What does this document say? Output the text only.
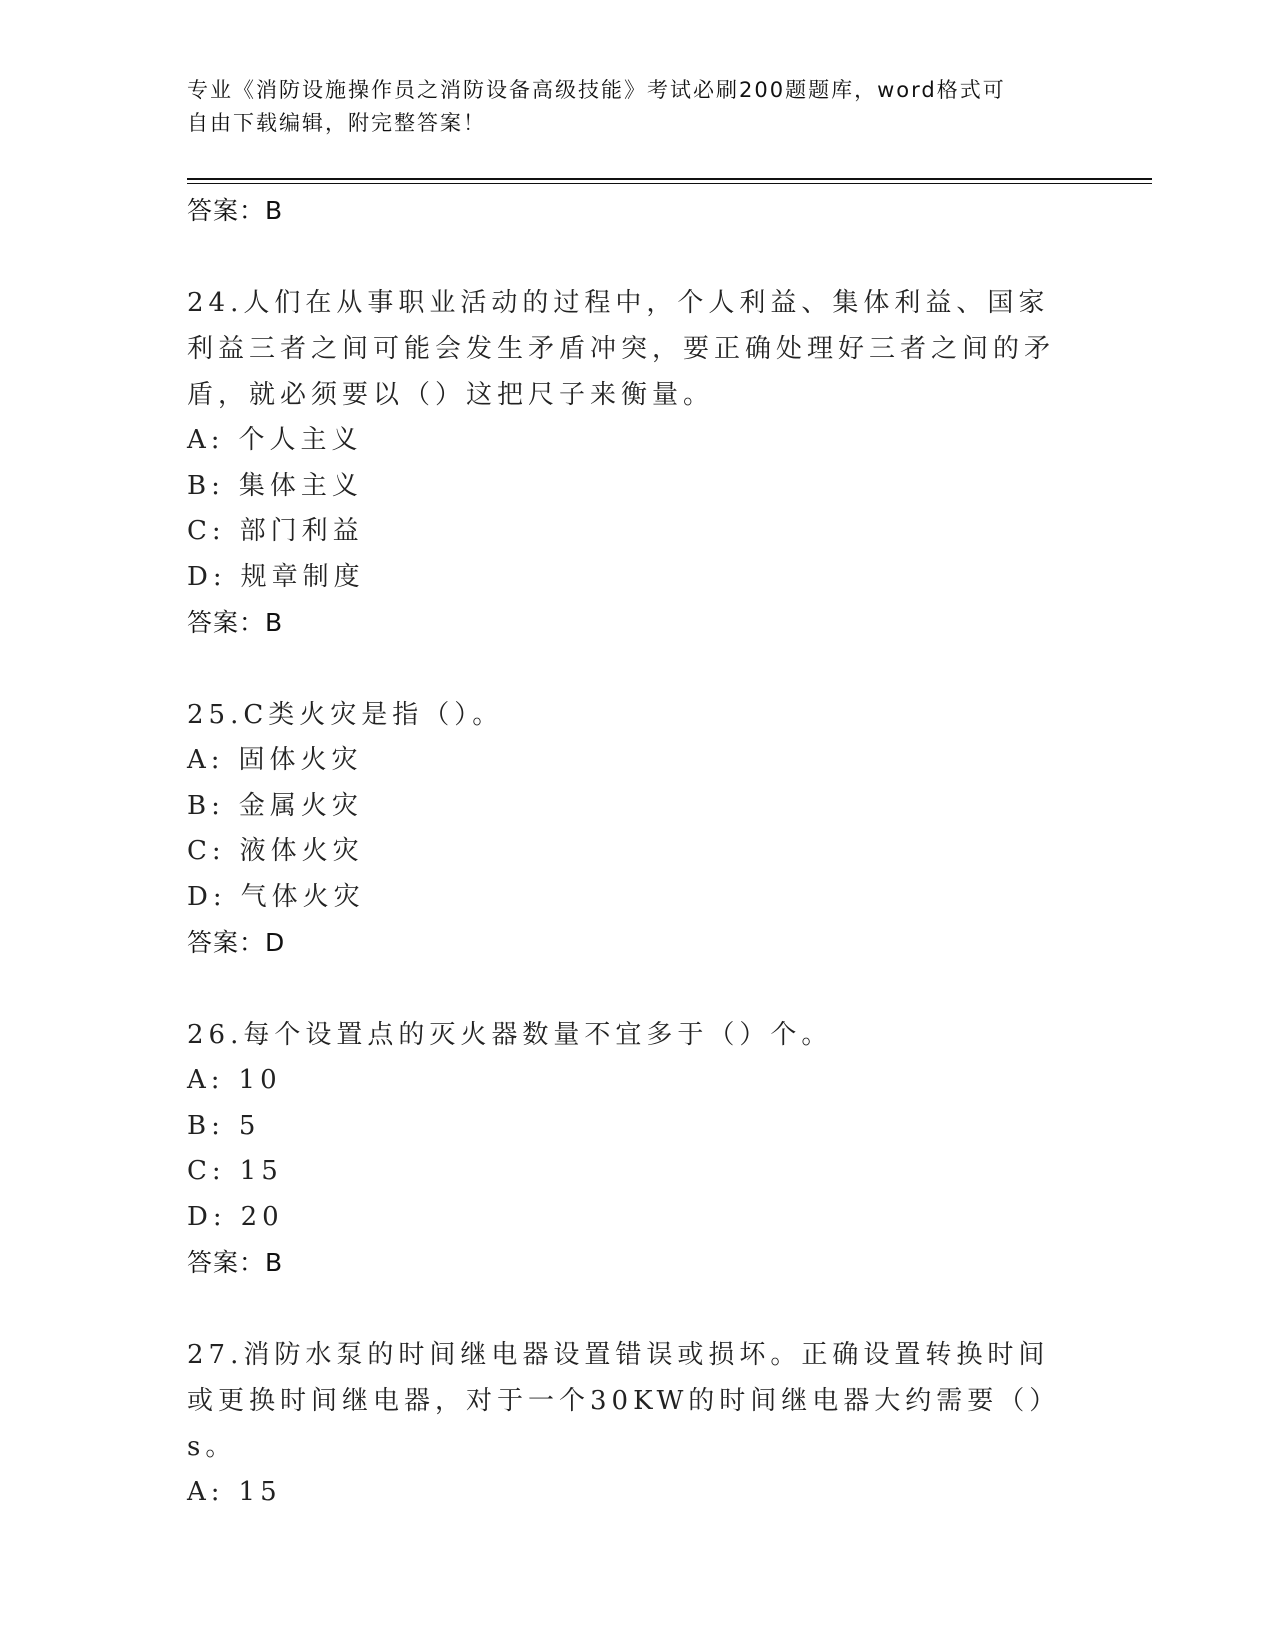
专业《消防设施操作员之消防设备高级技能》考试必刷200题题库，word格式可
自由下载编辑，附完整答案！

答案：B

24.人们在从事职业活动的过程中，个人利益、集体利益、国家利益三者之间可能会发生矛盾冲突，要正确处理好三者之间的矛盾，就必须要以（）这把尺子来衡量。

A : 个人主义

B : 集体主义

C : 部门利益

D : 规章制度

答案：B

25.C类火灾是指（）。

A : 固体火灾

B : 金属火灾

C : 液体火灾

D : 气体火灾

答案：D

26.每个设置点的灭火器数量不宜多于（）个。

A : 10

B : 5

C : 15

D : 20

答案：B

27.消防水泵的时间继电器设置错误或损坏。正确设置转换时间或更换时间继电器，对于一个30KW的时间继电器大约需要（）s。

A : 15
